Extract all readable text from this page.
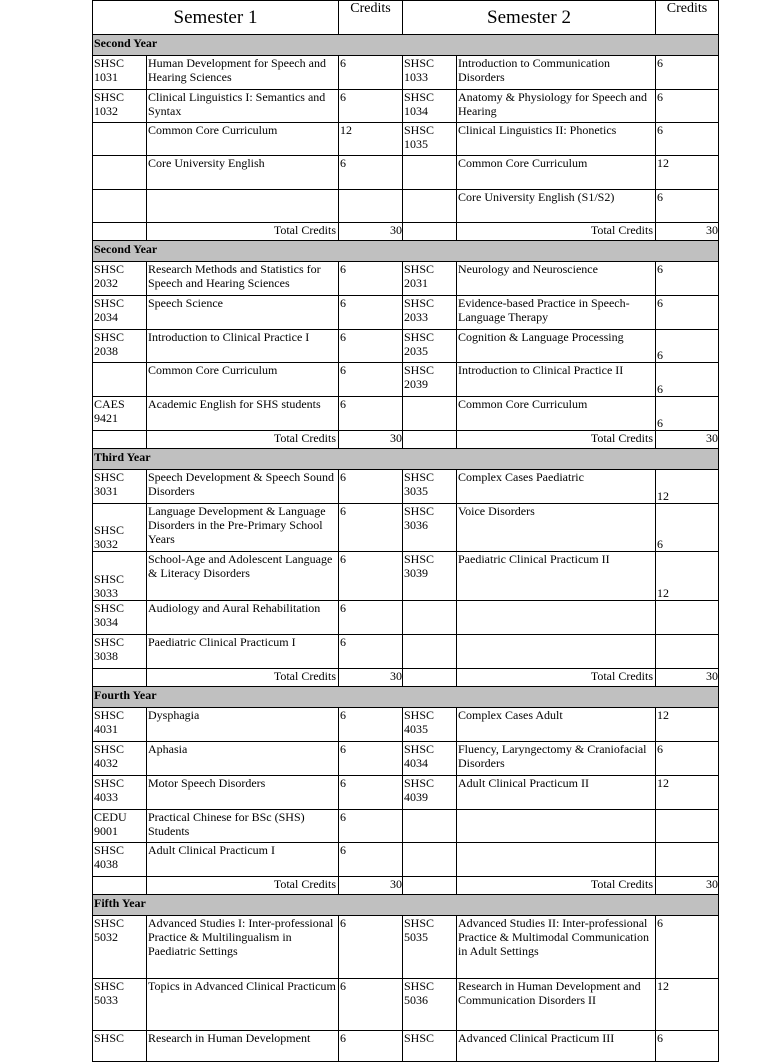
Semester 1		Credits	Semester 2		Credits
Second Year					
SHSC 1031	Human Development for Speech and Hearing Sciences	6	SHSC 1033	Introduction to Communication Disorders	6
SHSC 1032	Clinical Linguistics I: Semantics and Syntax	6	SHSC 1034	Anatomy & Physiology for Speech and Hearing	6
	Common Core Curriculum	12	SHSC 1035	Clinical Linguistics II: Phonetics	6
	Core University English	6		Common Core Curriculum	12
				Core University English (S1/S2)	6
	Total Credits	30		Total Credits	30
Second Year					
SHSC 2032	Research Methods and Statistics for Speech and Hearing Sciences	6	SHSC 2031	Neurology and Neuroscience	6
SHSC 2034	Speech Science	6	SHSC 2033	Evidence-based Practice in Speech-Language Therapy	6
SHSC 2038	Introduction to Clinical Practice I	6	SHSC 2035	Cognition & Language Processing	6
	Common Core Curriculum	6	SHSC 2039	Introduction to Clinical Practice II	6
CAES 9421	Academic English for SHS students	6		Common Core Curriculum	6
	Total Credits	30		Total Credits	30
Third Year					
SHSC 3031	Speech Development & Speech Sound Disorders	6	SHSC 3035	Complex Cases Paediatric	12
SHSC 3032	Language Development & Language Disorders in the Pre-Primary School Years	6	SHSC 3036	Voice Disorders	6
SHSC 3033	School-Age and Adolescent Language & Literacy Disorders	6	SHSC 3039	Paediatric Clinical Practicum II	12
SHSC 3034	Audiology and Aural Rehabilitation	6			
SHSC 3038	Paediatric Clinical Practicum I	6			
	Total Credits	30		Total Credits	30
Fourth Year					
SHSC 4031	Dysphagia	6	SHSC 4035	Complex Cases Adult	12
SHSC 4032	Aphasia	6	SHSC 4034	Fluency, Laryngectomy & Craniofacial Disorders	6
SHSC 4033	Motor Speech Disorders	6	SHSC 4039	Adult Clinical Practicum II	12
CEDU 9001	Practical Chinese for BSc (SHS) Students	6			
SHSC 4038	Adult Clinical Practicum I	6			
	Total Credits	30		Total Credits	30
Fifth Year					
SHSC 5032	Advanced Studies I: Inter-professional Practice & Multilingualism in Paediatric Settings	6	SHSC 5035	Advanced Studies II: Inter-professional Practice & Multimodal Communication in Adult Settings	6
SHSC 5033	Topics in Advanced Clinical Practicum	6	SHSC 5036	Research in Human Development and Communication Disorders II	12
SHSC	Research in Human Development	6	SHSC	Advanced Clinical Practicum III	6
